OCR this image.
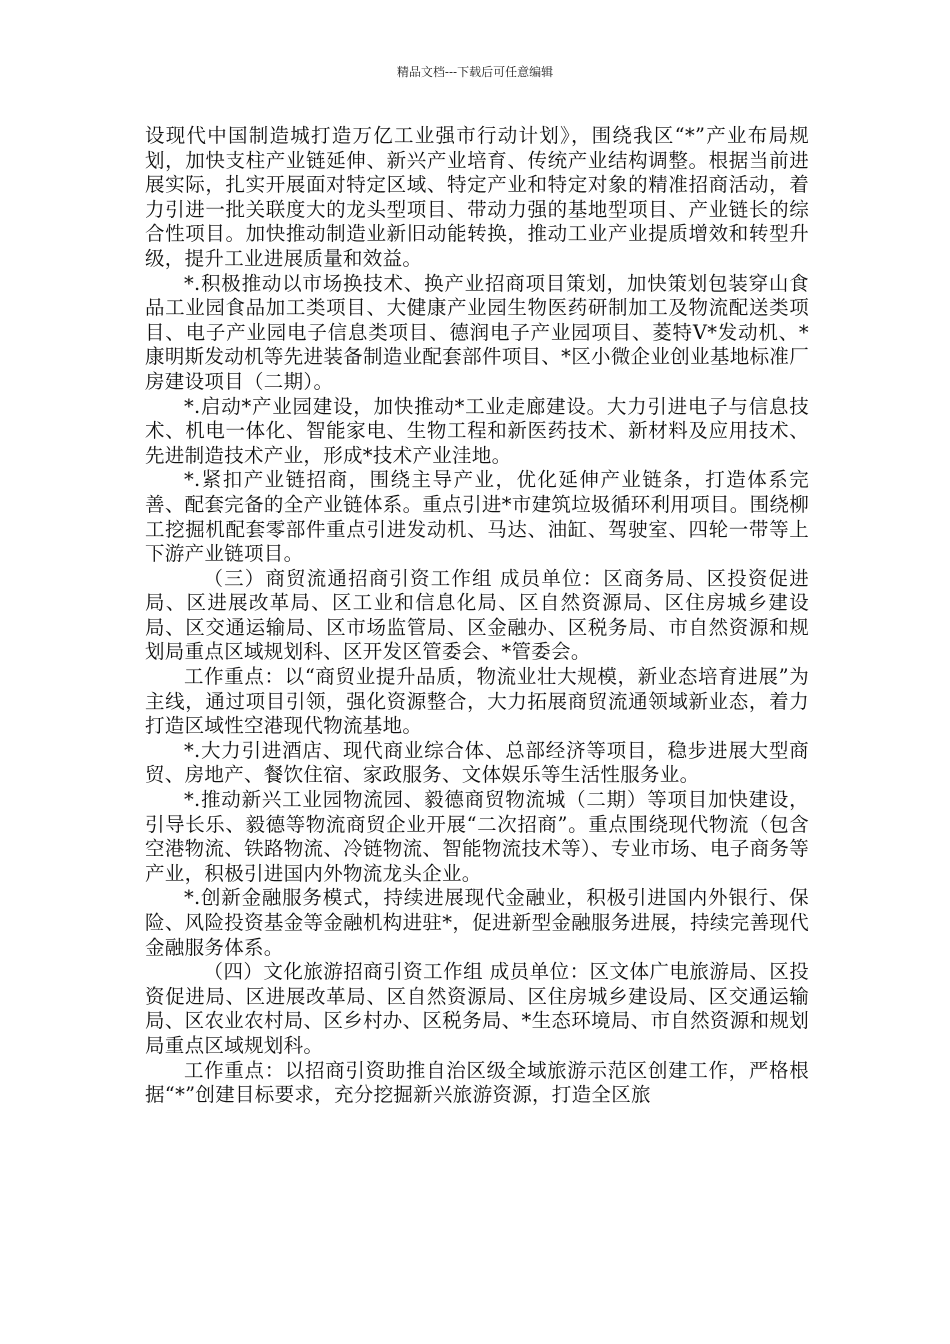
精品文档---下载后可任意编辑

设现代中国制造城打造万亿工业强市行动计划》，围绕我区“*”产业布局规划，加快支柱产业链延伸、新兴产业培育、传统产业结构调整。根据当前进展实际，扎实开展面对特定区域、特定产业和特定对象的精准招商活动，着力引进一批关联度大的龙头型项目、带动力强的基地型项目、产业链长的综合性项目。加快推动制造业新旧动能转换，推动工业产业提质增效和转型升级，提升工业进展质量和效益。

*.积极推动以市场换技术、换产业招商项目策划，加快策划包装穿山食品工业园食品加工类项目、大健康产业园生物医药研制加工及物流配送类项目、电子产业园电子信息类项目、德润电子产业园项目、菱特V*发动机、*康明斯发动机等先进装备制造业配套部件项目、*区小微企业创业基地标准厂房建设项目（二期）。

*.启动*产业园建设，加快推动*工业走廊建设。大力引进电子与信息技术、机电一体化、智能家电、生物工程和新医药技术、新材料及应用技术、先进制造技术产业，形成*技术产业洼地。

*.紧扣产业链招商，围绕主导产业，优化延伸产业链条，打造体系完善、配套完备的全产业链体系。重点引进*市建筑垃圾循环利用项目。围绕柳工挖掘机配套零部件重点引进发动机、马达、油缸、驾驶室、四轮一带等上下游产业链项目。

（三）商贸流通招商引资工作组 成员单位：区商务局、区投资促进局、区进展改革局、区工业和信息化局、区自然资源局、区住房城乡建设局、区交通运输局、区市场监管局、区金融办、区税务局、市自然资源和规划局重点区域规划科、区开发区管委会、*管委会。

工作重点：以“商贸业提升品质，物流业壮大规模，新业态培育进展”为主线，通过项目引领，强化资源整合，大力拓展商贸流通领域新业态，着力打造区域性空港现代物流基地。

*.大力引进酒店、现代商业综合体、总部经济等项目，稳步进展大型商贸、房地产、餐饮住宿、家政服务、文体娱乐等生活性服务业。

*.推动新兴工业园物流园、毅德商贸物流城（二期）等项目加快建设，引导长乐、毅德等物流商贸企业开展“二次招商”。重点围绕现代物流（包含空港物流、铁路物流、冷链物流、智能物流技术等）、专业市场、电子商务等产业，积极引进国内外物流龙头企业。

*.创新金融服务模式，持续进展现代金融业，积极引进国内外银行、保险、风险投资基金等金融机构进驻*，促进新型金融服务进展，持续完善现代金融服务体系。

（四）文化旅游招商引资工作组 成员单位：区文体广电旅游局、区投资促进局、区进展改革局、区自然资源局、区住房城乡建设局、区交通运输局、区农业农村局、区乡村办、区税务局、*生态环境局、市自然资源和规划局重点区域规划科。

工作重点：以招商引资助推自治区级全域旅游示范区创建工作，严格根据“*”创建目标要求，充分挖掘新兴旅游资源，打造全区旅
